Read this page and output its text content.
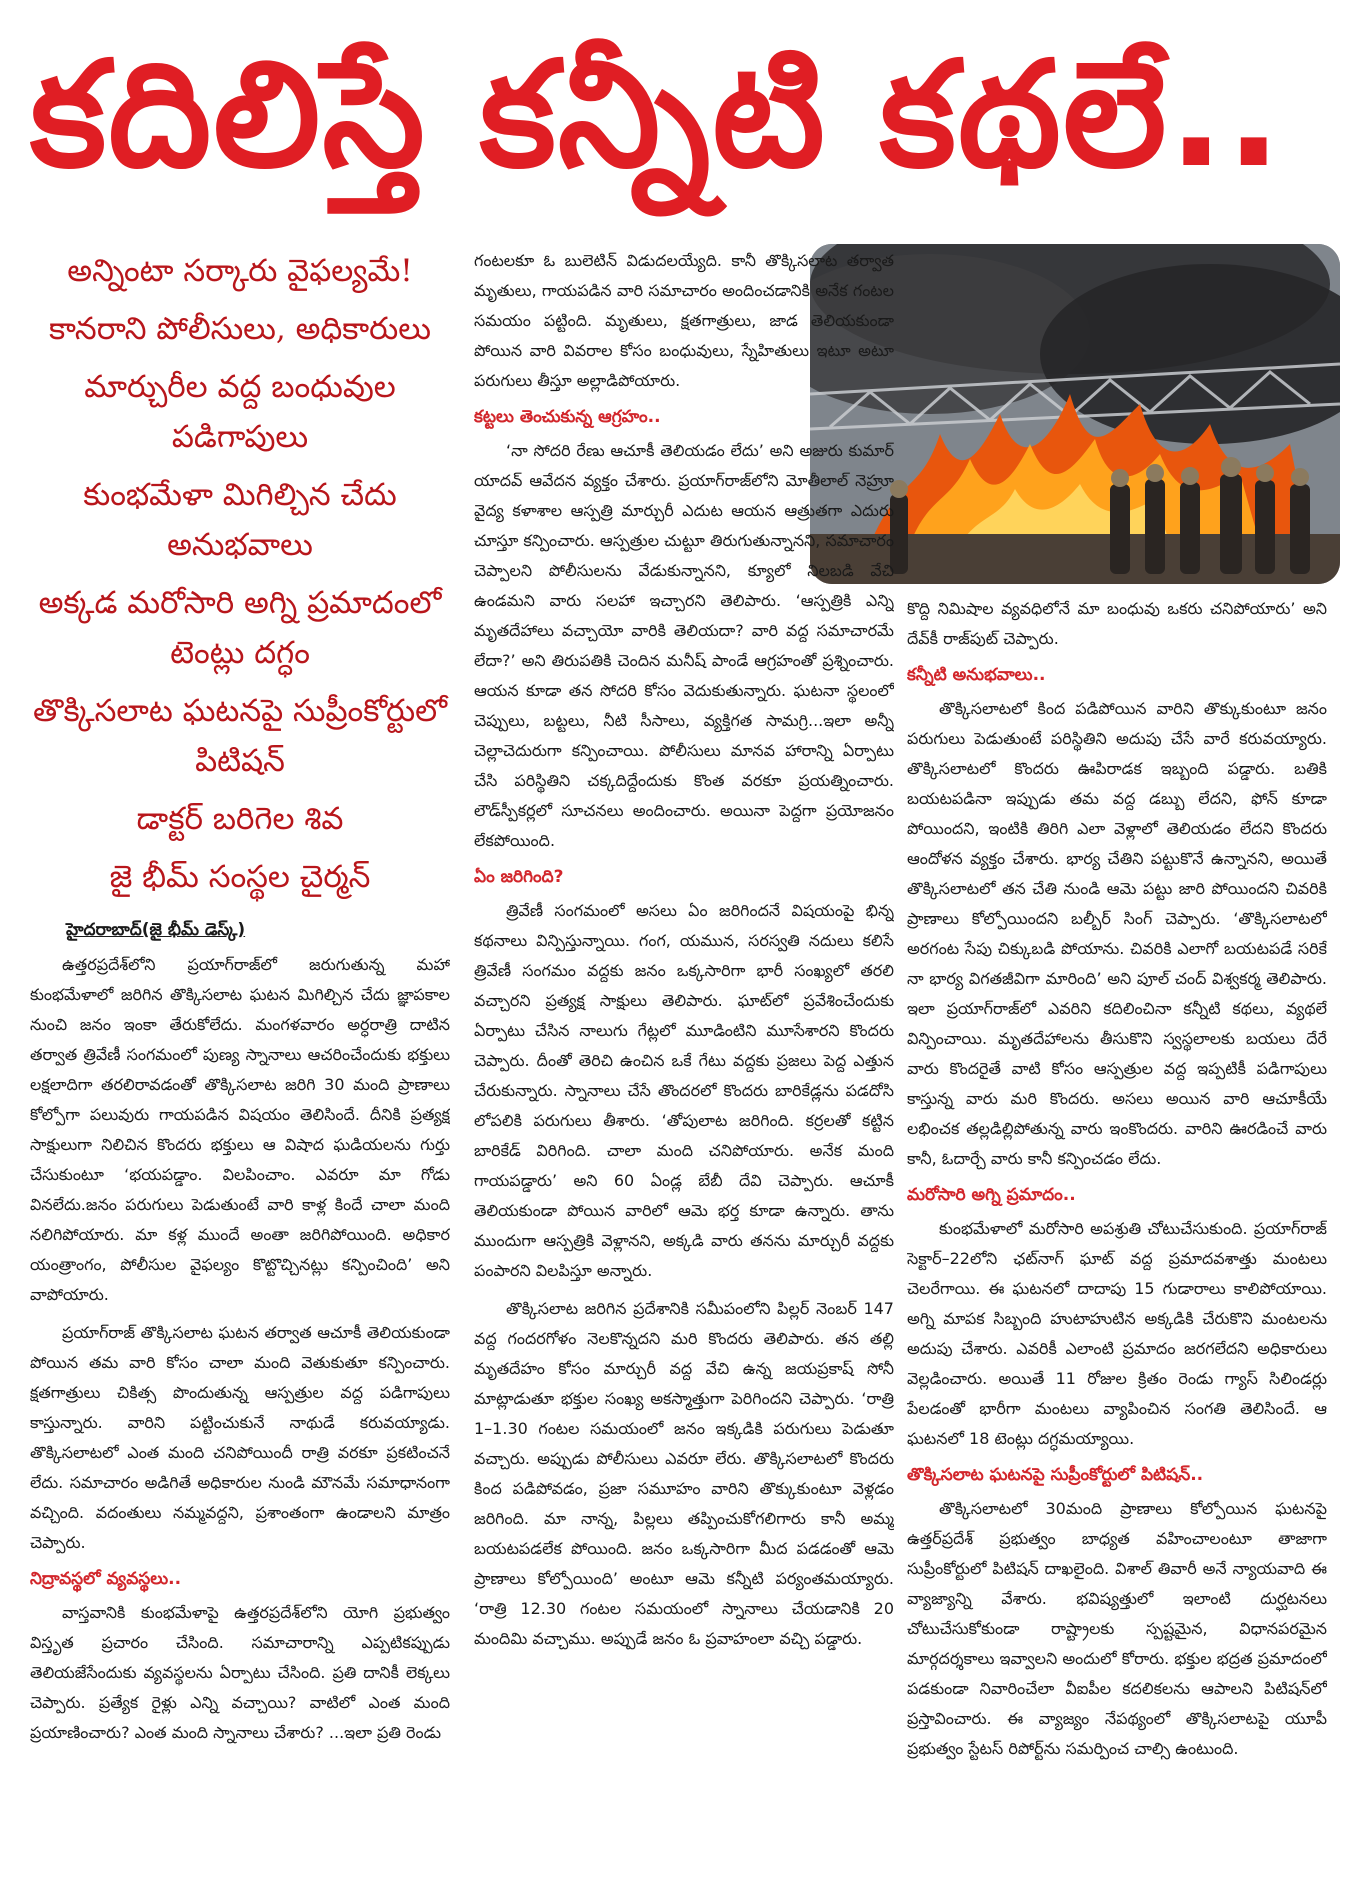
కదిలిస్తే కన్నీటి కథలే..
అన్నింటా సర్కారు వైఫల్యమే!
కానరాని పోలీసులు, అధికారులు
మార్చురీల వద్ద బంధువుల పడిగాపులు
కుంభమేళా మిగిల్చిన చేదు అనుభవాలు
అక్కడ మరోసారి అగ్ని ప్రమాదంలో టెంట్లు దగ్ధం
తొక్కిసలాట ఘటనపై సుప్రీంకోర్టులో పిటిషన్
డాక్టర్ బరిగెల శివ
జై భీమ్ సంస్థల చైర్మన్
హైదరాబాద్(జై భీమ్ డెస్క్)

ఉత్తరప్రదేశ్‌లోని ప్రయాగ్‌రాజ్‌లో జరుగుతున్న మహా కుంభమేళాలో జరిగిన తొక్కిసలాట ఘటన మిగిల్చిన చేదు జ్ఞాపకాల నుంచి జనం ఇంకా తేరుకోలేదు. మంగళవారం అర్ధరాత్రి దాటిన తర్వాత త్రివేణీ సంగమంలో పుణ్య స్నానాలు ఆచరించేందుకు భక్తులు లక్షలాదిగా తరలిరావడంతో తొక్కిసలాట జరిగి 30 మంది ప్రాణాలు కోల్పోగా పలువురు గాయపడిన విషయం తెలిసిందే. దీనికి ప్రత్యక్ష సాక్షులుగా నిలిచిన కొందరు భక్తులు ఆ విషాద ఘడియలను గుర్తు చేసుకుంటూ ‘భయపడ్డాం. విలపించాం. ఎవరూ మా గోడు వినలేదు.జనం పరుగులు పెడుతుంటే వారి కాళ్ల కిందే చాలా మంది నలిగిపోయారు. మా కళ్ల ముందే అంతా జరిగిపోయింది. అధికార యంత్రాంగం, పోలీసుల వైఫల్యం కొట్టొచ్చినట్లు కన్పించింది’ అని వాపోయారు.

ప్రయాగ్‌రాజ్ తొక్కిసలాట ఘటన తర్వాత ఆచూకీ తెలియకుండా పోయిన తమ వారి కోసం చాలా మంది వెతుకుతూ కన్పించారు. క్షతగాత్రులు చికిత్స పొందుతున్న ఆస్పత్రుల వద్ద పడిగాపులు కాస్తున్నారు. వారిని పట్టించుకునే నాథుడే కరువయ్యాడు. తొక్కిసలాటలో ఎంత మంది చనిపోయిందీ రాత్రి వరకూ ప్రకటించనే లేదు. సమాచారం అడిగితే అధికారుల నుండి మౌనమే సమాధానంగా వచ్చింది. వదంతులు నమ్మవద్దని, ప్రశాంతంగా ఉండాలని మాత్రం చెప్పారు.

నిద్రావస్థలో వ్యవస్థలు..

వాస్తవానికి కుంభమేళాపై ఉత్తరప్రదేశ్‌లోని యోగి ప్రభుత్వం విస్తృత ప్రచారం చేసింది. సమాచారాన్ని ఎప్పటికప్పుడు తెలియజేసేందుకు వ్యవస్థలను ఏర్పాటు చేసింది. ప్రతి దానికీ లెక్కలు చెప్పారు. ప్రత్యేక రైళ్లు ఎన్ని వచ్చాయి? వాటిలో ఎంత మంది ప్రయాణించారు? ఎంత మంది స్నానాలు చేశారు? ...ఇలా ప్రతి రెండు

గంటలకూ ఓ బులెటిన్ విడుదలయ్యేది. కానీ తొక్కిసలాట తర్వాత మృతులు, గాయపడిన వారి సమాచారం అందించడానికి అనేక గంటల సమయం పట్టింది. మృతులు, క్షతగాత్రులు, జాడ తెలియకుండా పోయిన వారి వివరాల కోసం బంధువులు, స్నేహితులు ఇటూ అటూ పరుగులు తీస్తూ అల్లాడిపోయారు.

కట్టలు తెంచుకున్న ఆగ్రహం..

‘నా సోదరి రేణు ఆచూకీ తెలియడం లేదు’ అని అజురు కుమార్ యాదవ్ ఆవేదన వ్యక్తం చేశారు. ప్రయాగ్‌రాజ్‌లోని మోతీలాల్ నెహ్రూ వైద్య కళాశాల ఆస్పత్రి మార్చురీ ఎదుట ఆయన ఆత్రుతగా ఎదురు చూస్తూ కన్పించారు. ఆస్పత్రుల చుట్టూ తిరుగుతున్నానని, సమాచారం చెప్పాలని పోలీసులను వేడుకున్నానని, క్యూలో నిలబడి వేచి ఉండమని వారు సలహా ఇచ్చారని తెలిపారు. ‘ఆస్పత్రికి ఎన్ని మృతదేహాలు వచ్చాయో వారికి తెలియదా? వారి వద్ద సమాచారమే లేదా?’ అని తిరుపతికి చెందిన మనీష్ పాండే ఆగ్రహంతో ప్రశ్నించారు. ఆయన కూడా తన సోదరి కోసం వెదుకుతున్నారు. ఘటనా స్థలంలో చెప్పులు, బట్టలు, నీటి సీసాలు, వ్యక్తిగత సామగ్రి...ఇలా అన్నీ చెల్లాచెదురుగా కన్పించాయి. పోలీసులు మానవ హారాన్ని ఏర్పాటు చేసి పరిస్థితిని చక్కదిద్దేందుకు కొంత వరకూ ప్రయత్నించారు. లౌడ్‌స్పీకర్లలో సూచనలు అందించారు. అయినా పెద్దగా ప్రయోజనం లేకపోయింది.

ఏం జరిగింది?

త్రివేణీ సంగమంలో అసలు ఏం జరిగిందనే విషయంపై భిన్న కథనాలు విన్పిస్తున్నాయి. గంగ, యమున, సరస్వతి నదులు కలిసే త్రివేణీ సంగమం వద్దకు జనం ఒక్కసారిగా భారీ సంఖ్యలో తరలి వచ్చారని ప్రత్యక్ష సాక్షులు తెలిపారు. ఘాట్‌లో ప్రవేశించేందుకు ఏర్పాటు చేసిన నాలుగు గేట్లలో మూడింటిని మూసేశారని కొందరు చెప్పారు. దీంతో తెరిచి ఉంచిన ఒకే గేటు వద్దకు ప్రజలు పెద్ద ఎత్తున చేరుకున్నారు. స్నానాలు చేసే తొందరలో కొందరు బారికేడ్లను పడదోసి లోపలికి పరుగులు తీశారు. ‘తోపులాట జరిగింది. కర్రలతో కట్టిన బారికేడ్ విరిగింది. చాలా మంది చనిపోయారు. అనేక మంది గాయపడ్డారు’ అని 60 ఏండ్ల బేబీ దేవి చెప్పారు. ఆచూకీ తెలియకుండా పోయిన వారిలో ఆమె భర్త కూడా ఉన్నారు. తాను ముందుగా ఆస్పత్రికి వెళ్లానని, అక్కడి వారు తనను మార్చురీ వద్దకు పంపారని విలపిస్తూ అన్నారు.

తొక్కిసలాట జరిగిన ప్రదేశానికి సమీపంలోని పిల్లర్ నెంబర్ 147 వద్ద గందరగోళం నెలకొన్నదని మరి కొందరు తెలిపారు. తన తల్లి మృతదేహం కోసం మార్చురీ వద్ద వేచి ఉన్న జయప్రకాష్ సోనీ మాట్లాడుతూ భక్తుల సంఖ్య అకస్మాత్తుగా పెరిగిందని చెప్పారు. ‘రాత్రి 1–1.30 గంటల సమయంలో జనం ఇక్కడికి పరుగులు పెడుతూ వచ్చారు. అప్పుడు పోలీసులు ఎవరూ లేరు. తొక్కిసలాటలో కొందరు కింద పడిపోవడం, ప్రజా సమూహం వారిని తొక్కుకుంటూ వెళ్లడం జరిగింది. మా నాన్న, పిల్లలు తప్పించుకోగలిగారు కానీ అమ్మ బయటపడలేక పోయింది. జనం ఒక్కసారిగా మీద పడడంతో ఆమె ప్రాణాలు కోల్పోయింది’ అంటూ ఆమె కన్నీటి పర్యంతమయ్యారు. ‘రాత్రి 12.30 గంటల సమయంలో స్నానాలు చేయడానికి 20 మందిమి వచ్చాము. అప్పుడే జనం ఓ ప్రవాహంలా వచ్చి పడ్డారు.

కొద్ది నిమిషాల వ్యవధిలోనే మా బంధువు ఒకరు చనిపోయారు’ అని దేవ్‌కీ రాజ్‌పుట్ చెప్పారు.

కన్నీటి అనుభవాలు..

తొక్కిసలాటలో కింద పడిపోయిన వారిని తొక్కుకుంటూ జనం పరుగులు పెడుతుంటే పరిస్థితిని అదుపు చేసే వారే కరువయ్యారు. తొక్కిసలాటలో కొందరు ఊపిరాడక ఇబ్బంది పడ్డారు. బతికి బయటపడినా ఇప్పుడు తమ వద్ద డబ్బు లేదని, ఫోన్ కూడా పోయిందని, ఇంటికి తిరిగి ఎలా వెళ్లాలో తెలియడం లేదని కొందరు ఆందోళన వ్యక్తం చేశారు. భార్య చేతిని పట్టుకొనే ఉన్నానని, అయితే తొక్కిసలాటలో తన చేతి నుండి ఆమె పట్టు జారి పోయిందని చివరికి ప్రాణాలు కోల్పోయిందని బల్బీర్ సింగ్ చెప్పారు. ‘తొక్కిసలాటలో అరగంట సేపు చిక్కుబడి పోయాను. చివరికి ఎలాగో బయటపడే సరికే నా భార్య విగతజీవిగా మారింది’ అని పూల్ చంద్ విశ్వకర్మ తెలిపారు. ఇలా ప్రయాగ్‌రాజ్‌లో ఎవరిని కదిలించినా కన్నీటి కథలు, వ్యథలే విన్పించాయి. మృతదేహాలను తీసుకొని స్వస్థలాలకు బయలు దేరే వారు కొందరైతే వాటి కోసం ఆస్పత్రుల వద్ద ఇప్పటికీ పడిగాపులు కాస్తున్న వారు మరి కొందరు. అసలు అయిన వారి ఆచూకీయే లభించక తల్లడిల్లిపోతున్న వారు ఇంకొందరు. వారిని ఊరడించే వారు కానీ, ఓదార్చే వారు కానీ కన్పించడం లేదు.

మరోసారి అగ్ని ప్రమాదం..

కుంభమేళాలో మరోసారి అపశ్రుతి చోటుచేసుకుంది. ప్రయాగ్‌రాజ్ సెక్టార్–22లోని ఛట్‌నాగ్ ఘాట్ వద్ద ప్రమాదవశాత్తు మంటలు చెలరేగాయి. ఈ ఘటనలో దాదాపు 15 గుడారాలు కాలిపోయాయి. అగ్ని మాపక సిబ్బంది హుటాహుటిన అక్కడికి చేరుకొని మంటలను అదుపు చేశారు. ఎవరికీ ఎలాంటి ప్రమాదం జరగలేదని అధికారులు వెల్లడించారు. అయితే 11 రోజుల క్రితం రెండు గ్యాస్ సిలిండర్లు పేలడంతో భారీగా మంటలు వ్యాపించిన సంగతి తెలిసిందే. ఆ ఘటనలో 18 టెంట్లు దగ్ధమయ్యాయి.

తొక్కిసలాట ఘటనపై సుప్రీంకోర్టులో పిటిషన్..

తొక్కిసలాటలో 30మంది ప్రాణాలు కోల్పోయిన ఘటనపై ఉత్తర్‌ప్రదేశ్ ప్రభుత్వం బాధ్యత వహించాలంటూ తాజాగా సుప్రీంకోర్టులో పిటిషన్ దాఖలైంది. విశాల్ తివారీ అనే న్యాయవాది ఈ వ్యాజ్యాన్ని వేశారు. భవిష్యత్తులో ఇలాంటి దుర్ఘటనలు చోటుచేసుకోకుండా రాష్ట్రాలకు స్పష్టమైన, విధానపరమైన మార్గదర్శకాలు ఇవ్వాలని అందులో కోరారు. భక్తుల భద్రత ప్రమాదంలో పడకుండా నివారించేలా వీఐపీల కదలికలను ఆపాలని పిటిషన్‌లో ప్రస్తావించారు. ఈ వ్యాజ్యం నేపథ్యంలో తొక్కిసలాటపై యూపీ ప్రభుత్వం స్టేటస్ రిపోర్ట్‌ను సమర్పించ చాల్సి ఉంటుంది.
